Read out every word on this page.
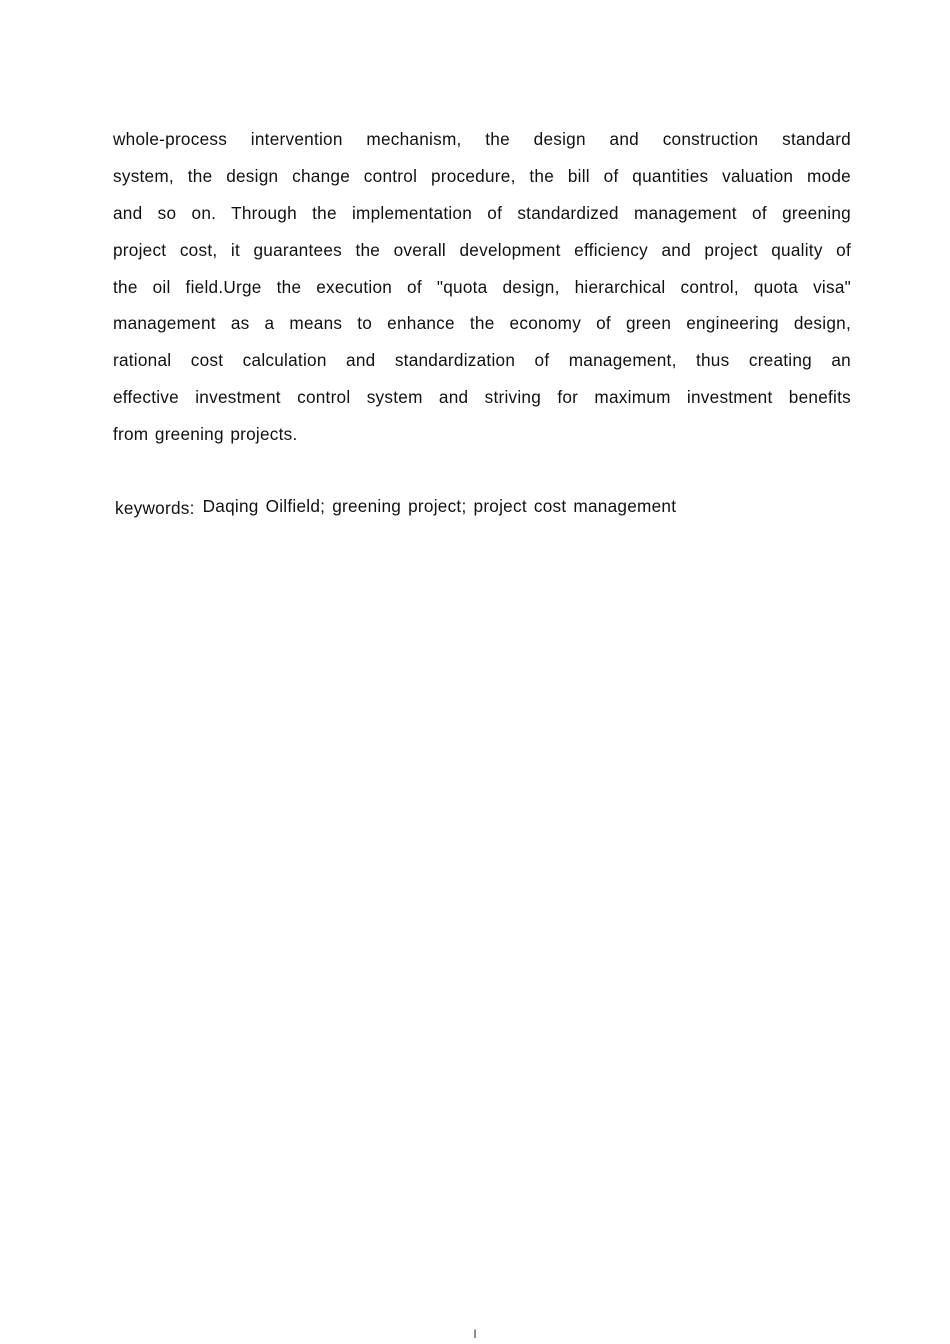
whole-process intervention mechanism, the design and construction standard
system, the design change control procedure, the bill of quantities valuation mode
and so on. Through the implementation of standardized management of greening
project cost, it guarantees the overall development efficiency and project quality of
the oil field.Urge the execution of "quota design, hierarchical control, quota visa"
management as a means to enhance the economy of green engineering design,
rational cost calculation and standardization of management, thus creating an
effective investment control system and striving for maximum investment benefits
from greening projects.

keywords: Daqing Oilfield; greening project; project cost management
I
